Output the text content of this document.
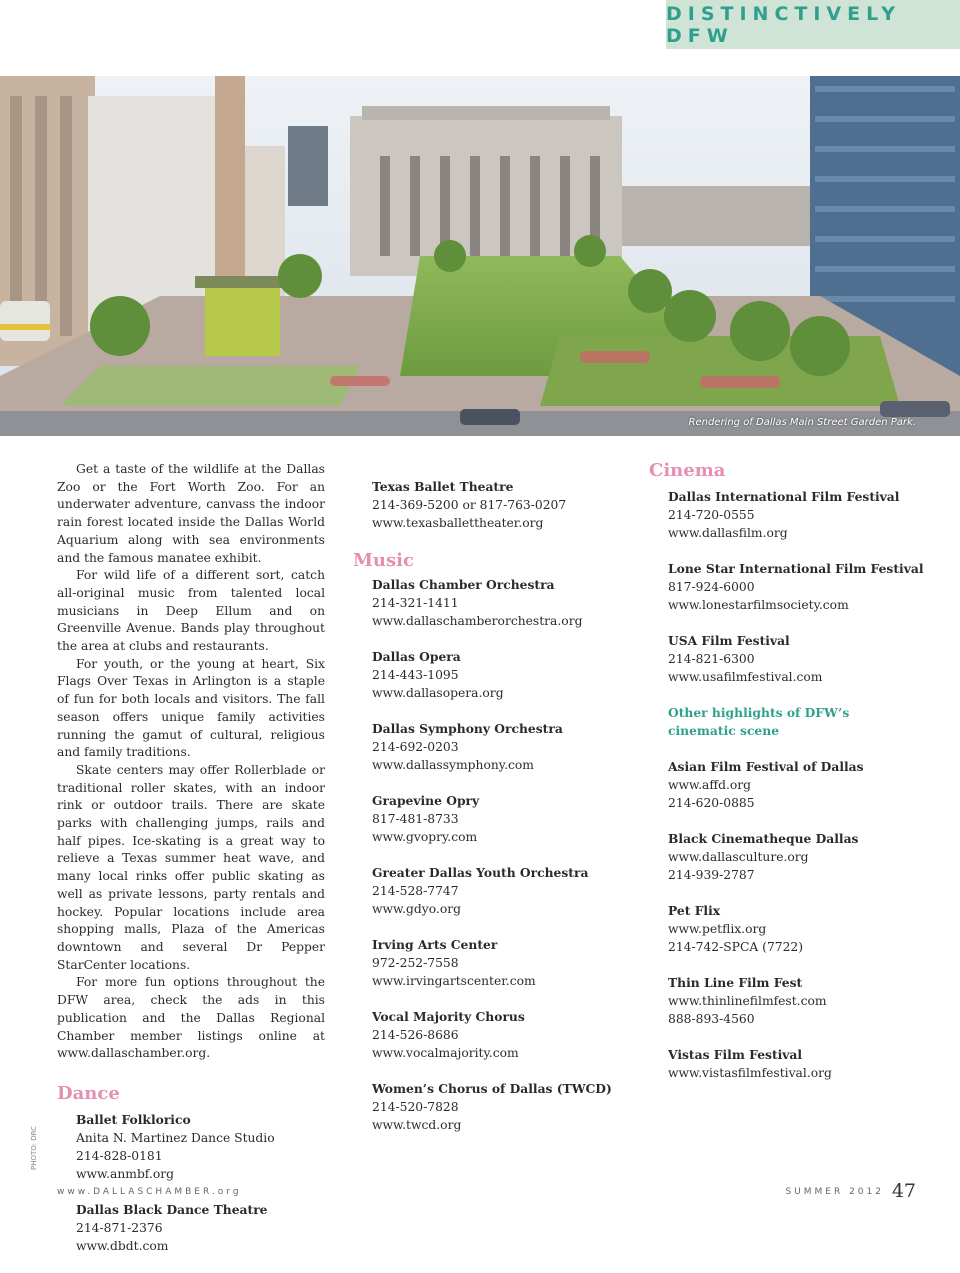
DISTINCTIVELY DFW
Rendering of Dallas Main Street Garden Park.

Get a taste of the wildlife at the Dallas Zoo or the Fort Worth Zoo. For an underwater adventure, canvass the indoor rain forest located inside the Dallas World Aquarium along with sea environments and the famous manatee exhibit.

For wild life of a different sort, catch all-original music from talented local musicians in Deep Ellum and on Greenville Avenue. Bands play throughout the area at clubs and restaurants.

For youth, or the young at heart, Six Flags Over Texas in Arlington is a staple of fun for both locals and visitors. The fall season offers unique family activities running the gamut of cultural, religious and family traditions.

Skate centers may offer Rollerblade or traditional roller skates, with an indoor rink or outdoor trails. There are skate parks with challenging jumps, rails and half pipes. Ice-skating is a great way to relieve a Texas summer heat wave, and many local rinks offer public skating as well as private lessons, party rentals and hockey. Popular locations include area shopping malls, Plaza of the Americas downtown and several Dr Pepper StarCenter locations.

For more fun options throughout the DFW area, check the ads in this publication and the Dallas Regional Chamber member listings online at www.dallaschamber.org.

Dance
Ballet Folklorico
Anita N. Martinez Dance Studio
214-828-0181
www.anmbf.org
Dallas Black Dance Theatre
214-871-2376
www.dbdt.com
Texas Ballet Theatre
214-369-5200 or 817-763-0207
www.texasballettheater.org
Music
Dallas Chamber Orchestra
214-321-1411
www.dallaschamberorchestra.org
Dallas Opera
214-443-1095
www.dallasopera.org
Dallas Symphony Orchestra
214-692-0203
www.dallassymphony.com
Grapevine Opry
817-481-8733
www.gvopry.com
Greater Dallas Youth Orchestra
214-528-7747
www.gdyo.org
Irving Arts Center
972-252-7558
www.irvingartscenter.com
Vocal Majority Chorus
214-526-8686
www.vocalmajority.com
Women’s Chorus of Dallas (TWCD)
214-520-7828
www.twcd.org
Cinema
Dallas International Film Festival
214-720-0555
www.dallasfilm.org
Lone Star International Film Festival
817-924-6000
www.lonestarfilmsociety.com
USA Film Festival
214-821-6300
www.usafilmfestival.com
Other highlights of DFW’s
cinematic scene
Asian Film Festival of Dallas
www.affd.org
214-620-0885
Black Cinematheque Dallas
www.dallasculture.org
214-939-2787
Pet Flix
www.petflix.org
214-742-SPCA (7722)
Thin Line Film Fest
www.thinlinefilmfest.com
888-893-4560
Vistas Film Festival
www.vistasfilmfestival.org
PHOTO: DRC
www.DALLASCHAMBER.org	SUMMER 2012 47
